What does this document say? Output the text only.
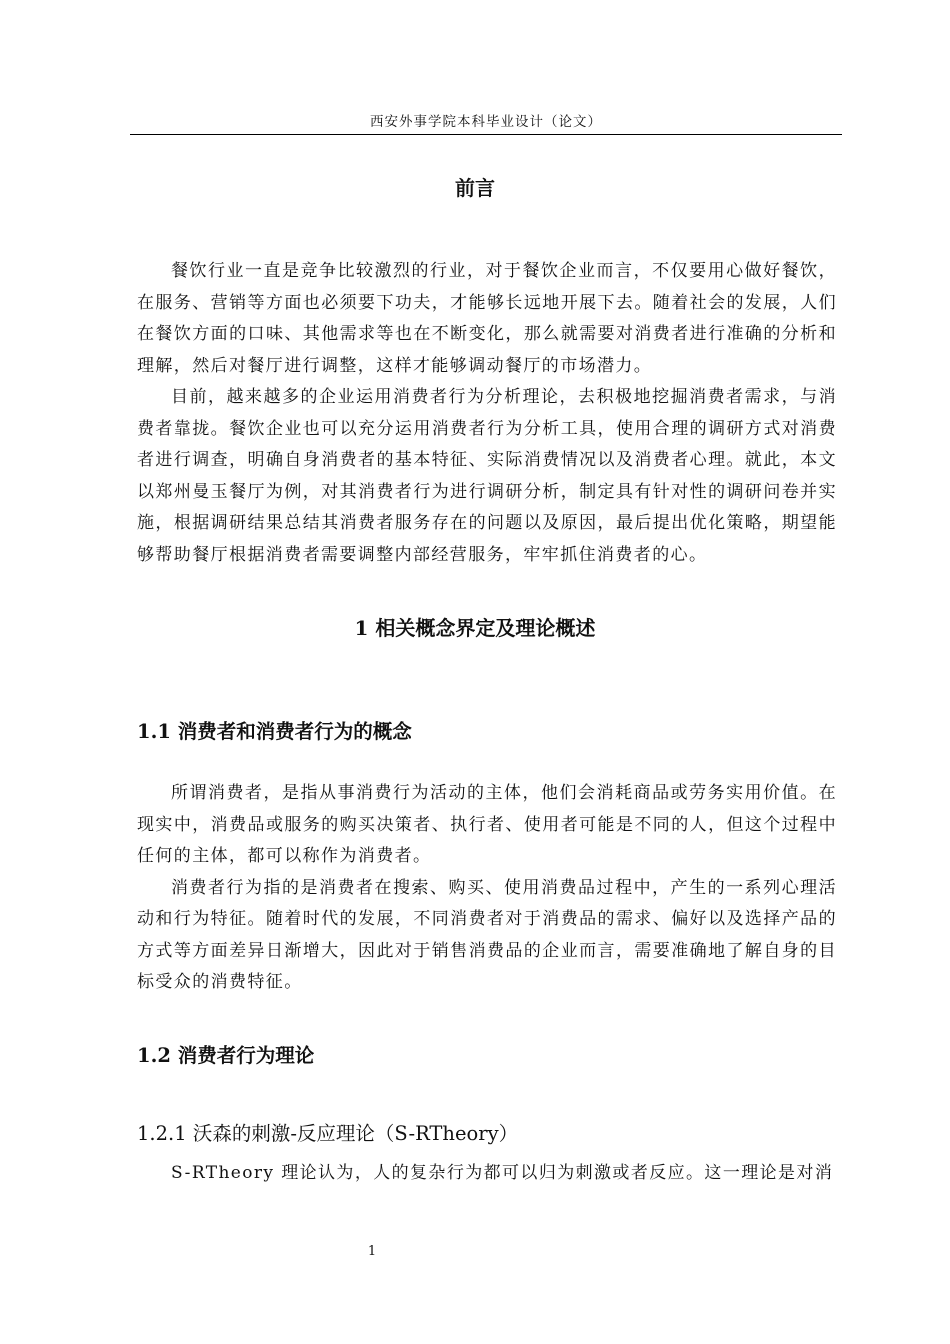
西安外事学院本科毕业设计（论文）
前言

餐饮行业一直是竞争比较激烈的行业，对于餐饮企业而言，不仅要用心做好餐饮，在服务、营销等方面也必须要下功夫，才能够长远地开展下去。随着社会的发展，人们在餐饮方面的口味、其他需求等也在不断变化，那么就需要对消费者进行准确的分析和理解，然后对餐厅进行调整，这样才能够调动餐厅的市场潜力。

目前，越来越多的企业运用消费者行为分析理论，去积极地挖掘消费者需求，与消费者靠拢。餐饮企业也可以充分运用消费者行为分析工具，使用合理的调研方式对消费者进行调查，明确自身消费者的基本特征、实际消费情况以及消费者心理。就此，本文以郑州曼玉餐厅为例，对其消费者行为进行调研分析，制定具有针对性的调研问卷并实施，根据调研结果总结其消费者服务存在的问题以及原因，最后提出优化策略，期望能够帮助餐厅根据消费者需要调整内部经营服务，牢牢抓住消费者的心。

1 相关概念界定及理论概述
1.1 消费者和消费者行为的概念

所谓消费者，是指从事消费行为活动的主体，他们会消耗商品或劳务实用价值。在现实中，消费品或服务的购买决策者、执行者、使用者可能是不同的人，但这个过程中任何的主体，都可以称作为消费者。

消费者行为指的是消费者在搜索、购买、使用消费品过程中，产生的一系列心理活动和行为特征。随着时代的发展，不同消费者对于消费品的需求、偏好以及选择产品的方式等方面差异日渐增大，因此对于销售消费品的企业而言，需要准确地了解自身的目标受众的消费特征。

1.2 消费者行为理论
1.2.1 沃森的刺激-反应理论（S-RTheory）

S-RTheory 理论认为，人的复杂行为都可以归为刺激或者反应。这一理论是对消

1
